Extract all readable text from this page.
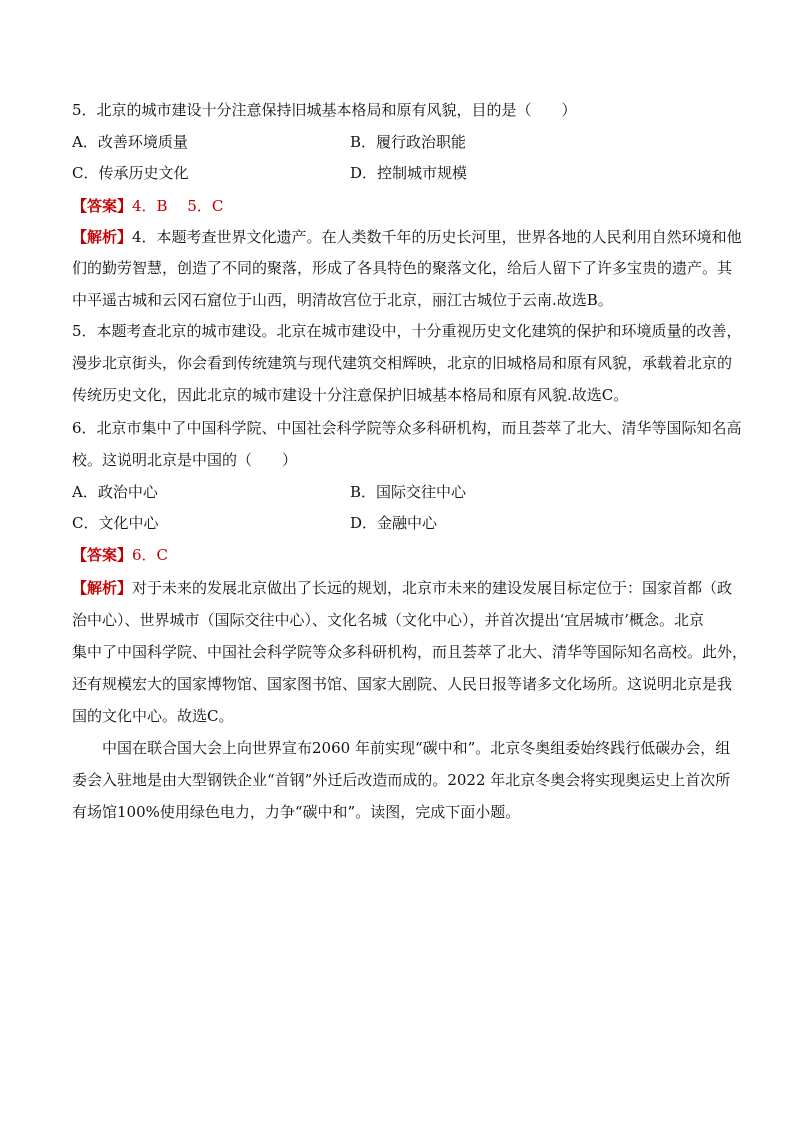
5．北京的城市建设十分注意保持旧城基本格局和原有风貌，目的是（　　）
A．改善环境质量	B．履行政治职能
C．传承历史文化	D．控制城市规模
【答案】4．B　 5．C
【解析】4．本题考查世界文化遗产。在人类数千年的历史长河里，世界各地的人民利用自然环境和他
们的勤劳智慧，创造了不同的聚落，形成了各具特色的聚落文化，给后人留下了许多宝贵的遗产。其
中平遥古城和云冈石窟位于山西，明清故宫位于北京，丽江古城位于云南.故选B。
5．本题考查北京的城市建设。北京在城市建设中，十分重视历史文化建筑的保护和环境质量的改善，
漫步北京街头，你会看到传统建筑与现代建筑交相辉映，北京的旧城格局和原有风貌，承载着北京的
传统历史文化，因此北京的城市建设十分注意保护旧城基本格局和原有风貌.故选C。
6．北京市集中了中国科学院、中国社会科学院等众多科研机构，而且荟萃了北大、清华等国际知名高
校。这说明北京是中国的（　　）
A．政治中心	B．国际交往中心
C．文化中心	D．金融中心
【答案】6．C
【解析】对于未来的发展北京做出了长远的规划，北京市未来的建设发展目标定位于：国家首都（政
治中心）、世界城市（国际交往中心）、文化名城（文化中心），并首次提出‘宜居城市’概念。北京
集中了中国科学院、中国社会科学院等众多科研机构，而且荟萃了北大、清华等国际知名高校。此外，
还有规模宏大的国家博物馆、国家图书馆、国家大剧院、人民日报等诸多文化场所。这说明北京是我
国的文化中心。故选C。
中国在联合国大会上向世界宣布2060 年前实现“碳中和”。北京冬奥组委始终践行低碳办会，组
委会入驻地是由大型钢铁企业“首钢”外迁后改造而成的。2022 年北京冬奥会将实现奥运史上首次所
有场馆100%使用绿色电力，力争“碳中和”。读图，完成下面小题。
